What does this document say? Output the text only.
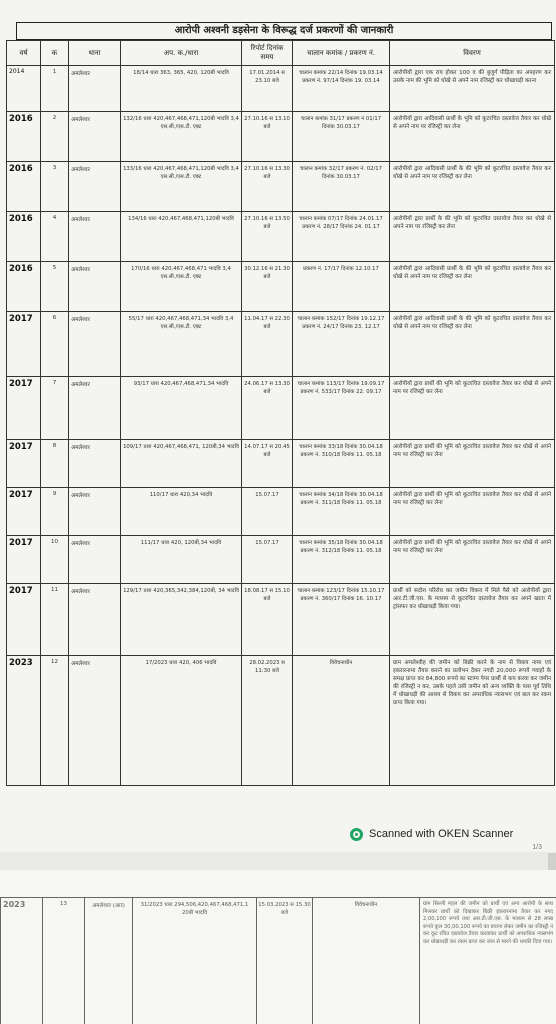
आरोपी अश्वनी डड़सेना के विरूद्ध दर्ज प्रकरणों की जानकारी
वर्ष	क	थाना	अप. क./धारा	रिपोर्ट दिनांक समय	चालान कमांक / प्रकरण नं.	विवरण
2014	1	अमलेश्वर	18/14 धारा 363, 365, 420, 120बी भादवि	17.01.2014 स 23.10 बजे	चालान कमांक 22/14 दिनांक 19.03.14 प्रकरण नं. 97/14 दिनांक 19. 03.14	आरोपीयों द्वारा एक राय होकर 100 व की बुजुर्ग पीड़िता का अपहरण कर उसके नाम की भूमि को धोखे से अपने नाम रजिस्ट्री कर धोखाधड़ी करना
2016	2	अमलेश्वर	132/16 धारा 420,467,468,471,120बी भादवि 3,4 एस.सी./एस.टी. एक्ट	27.10.16 स 13.10 बजे	चालान कमांक 31/17 प्रकरण नं 01/17 दिनांक 30.03.17	आरोपीयों द्वारा आदिवासी प्रार्थी के भूमि को कूटरचित दस्तावेज तैयार कर धोखे से अपने नाम पर रजिस्ट्री कर लेना
2016	3	अमलेश्वर	133/16 धारा 420,467,468,471,120बी भादवि 3,4 एस.सी./एस.टी. एक्ट	27.10.16 स 13.30 बजे	चालान कमांक 32/17 प्रकरण नं. 02/17 दिनांक 30.03.17	आरोपीयों द्वारा आदिवासी प्रार्थी के की भूमि को कूटरचित दस्तावेज तैयार कर धोखे से अपने नाम पर रजिस्ट्री कर लेना
2016	4	अमलेश्वर	134/16 धारा 420,467,468,471,120बी भादवि	27.10.16 स 13.50 बजे	चालान कमांक 07/17 दिनांक 24.01.17 प्रकरण नं. 28/17 दिनांक 24. 01.17	आरोपीयों द्वारा प्रार्थी के की भूमि को कूटरचित दस्तावेज तैयार कर धोखे से अपने नाम पर रजिस्ट्री कर लेना
2016	5	अमलेश्वर	170/16 धारा 420,467,468,471 भादवि 3,4 एस.सी./एस.टी. एक्ट	30.12.16 स 21.30 बजे	प्रकरण नं. 17/17 दिनांक 12.10.17	आरोपीयों द्वारा आदिवासी प्रार्थी के की भूमि को कूटरचित दस्तावेज तैयार कर धोखे से अपने नाम पर रजिस्ट्री कर लेना
2017	6	अमलेश्वर	55/17 धारा 420,467,468,471,34 भादवि 3,4 एस.सी./एस.टी. एक्ट	11.04.17 स 22.30 बजे	चालान कमांक 152/17 दिनांक 19.12.17 प्रकरण नं. 24/17 दिनांक 23. 12.17	आरोपीयों द्वारा आदिवासी प्रार्थी के की भूमि को कूटरचित दस्तावेज तैयार कर धोखे से अपने नाम पर रजिस्ट्री कर लेना
2017	7	अमलेश्वर	93/17 धारा 420,467,468,471,34 भादवि	24.06.17 स 13.30 बजे	चालान कमांक 113/17 दिनांक 19.09.17 प्रकरण नं. 533/17 दिनांक 22. 09.17	आरोपीयों द्वारा प्रार्थी की भूमि को कूटरचित दस्तावेज तैयार कर धोखे से अपने नाम पर रजिस्ट्री कर लेना
2017	8	अमलेश्वर	109/17 धारा 420,467,468,471, 120बी,34 भादवि	14.07.17 स 20.45 बजे	चालान कमांक 33/18 दिनांक 30.04.18 प्रकरण नं. 310/18 दिनांक 11. 05.18	आरोपीयों द्वारा प्रार्थी की भूमि को कूटरचित दस्तावेज तैयार कर धोखे से अपने नाम पर रजिस्ट्री कर लेना
2017	9	अमलेश्वर	110/17 धारा 420,34 भादवि	15.07.17	चालान कमांक 34/18 दिनांक 30.04.18 प्रकरण नं. 311/18 दिनांक 11. 05.18	आरोपीयों द्वारा प्रार्थी की भूमि को कूटरचित दस्तावेज तैयार कर धोखे से अपने नाम पर रजिस्ट्री कर लेना
2017	10	अमलेश्वर	111/17 धारा 420, 120बी,34 भादवि	15.07.17	चालान कमांक 35/18 दिनांक 30.04.18 प्रकरण नं. 312/18 दिनांक 11. 05.18	आरोपीयों द्वारा प्रार्थी की भूमि को कूटरचित दस्तावेज तैयार कर धोखे से अपने नाम पर रजिस्ट्री कर लेना
2017	11	अमलेश्वर	129/17 धारा 420,365,342,384,120बी, 34 भादवि	18.08.17 स 15.10 बजे	चालान कमांक 123/17 दिनांक 15.10.17 प्रकरण नं. 360/17 दिनांक 16. 10.17	प्रार्थी को सदोश परिरोध कर जमीन विकय में मिले पैसे को आरोपीयों द्वारा आर.टी.जी.एस. के माध्यम से कूटरचित दस्तावेज तैयार कर अपने खाता में ट्रांसफर कर धोखाधड़ी किया गया।
2023	12	अमलेश्वर	17/2023 धारा 420, 406 भादवि	28.02.2023 स 11:30 बजे	विवेचनाधीन	ग्राम अमलेश्वीह की जमीन को बिक्री करने के नाम से विकय नामा एवं इकरारनामा तैयार कराने का प्रलोभन देकर नगदी 20,000 रूपये गवाहों के समक्ष प्राप्त कर 84,800 रूपये का स्टाम्प पेपर प्रार्थी से कय करवा कर जमीन की रजिस्ट्री न कर, उसके पहले उसी जमीन को अन्य व्यक्ति के पास पूर्व तिथि में धोखाधड़ी की आशय से विकय कर अपराधिक न्यासभग एवं छल कर रकम प्राप्त किया गया।
Scanned with OKEN Scanner
1/3
2023	13	अमलेश्वर (आर)	31/2023 धारा 294,506,420,467,468,471,1 20बी भादवि	15.03.2023 स 15.30 बजे	विवेचनाधीन	ग्राम सिल्ली महल की जमीन को प्रार्थी एवं अन्य आरोपी के साथ मिलकर प्रार्थी को दिखाकर बिक्री इकरारनामा तैयार कर नगद 2,00,100 रूपये तथा आर.टी.जी.एस. के माध्यम से 28 लाख रूपये कुल 30,00,100 रूपये का बयाना लेकर जमीन का रजिस्ट्री न कर कूट रचित दस्तावेज तैयार करवाकर प्रार्थी को अपराधिक न्यासभंग कर धोखाधड़ी कर रकम प्राप्त कर जान से मारने की धमकी दिया गया।
